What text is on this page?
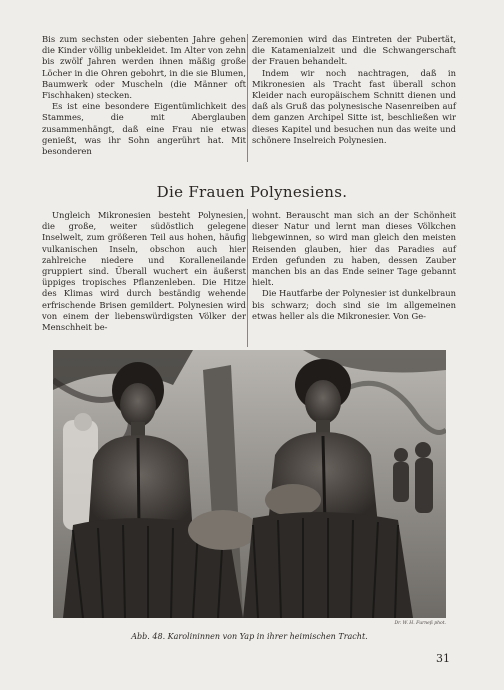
Bis zum sechsten oder siebenten Jahre gehen die Kinder völlig unbekleidet. Im Alter von zehn bis zwölf Jahren werden ihnen mäßig große Löcher in die Ohren gebohrt, in die sie Blumen, Baumwerk oder Muscheln (die Männer oft Fischhaken) stecken.

Es ist eine besondere Eigentümlichkeit des Stammes, die mit Aberglauben zusammenhängt, daß eine Frau nie etwas genießt, was ihr Sohn angerührt hat. Mit besonderen

Zeremonien wird das Eintreten der Pubertät, die Katamenialzeit und die Schwangerschaft der Frauen behandelt.

Indem wir noch nachtragen, daß in Mikronesien als Tracht fast überall schon Kleider nach europäischem Schnitt dienen und daß als Gruß das polynesische Nasenreiben auf dem ganzen Archipel Sitte ist, beschließen wir dieses Kapitel und besuchen nun das weite und schönere Inselreich Polynesien.

Die Frauen Polynesiens.

Ungleich Mikronesien besteht Polynesien, die große, weiter südöstlich gelegene Inselwelt, zum größeren Teil aus hohen, häufig vulkanischen Inseln, obschon auch hier zahlreiche niedere und Koralleneilande gruppiert sind. Überall wuchert ein äußerst üppiges tropisches Pflanzenleben. Die Hitze des Klimas wird durch beständig wehende erfrischende Brisen gemildert. Polynesien wird von einem der liebenswürdigsten Völker der Menschheit be-

wohnt. Berauscht man sich an der Schönheit dieser Natur und lernt man dieses Völkchen liebgewinnen, so wird man gleich den meisten Reisenden glauben, hier das Paradies auf Erden gefunden zu haben, dessen Zauber manchen bis an das Ende seiner Tage gebannt hielt.

Die Hautfarbe der Polynesier ist dunkelbraun bis schwarz; doch sind sie im allgemeinen etwas heller als die Mikronesier. Von Ge-

Dr. W. H. Furneß phot.
Abb. 48. Karolininnen von Yap in ihrer heimischen Tracht.
31
